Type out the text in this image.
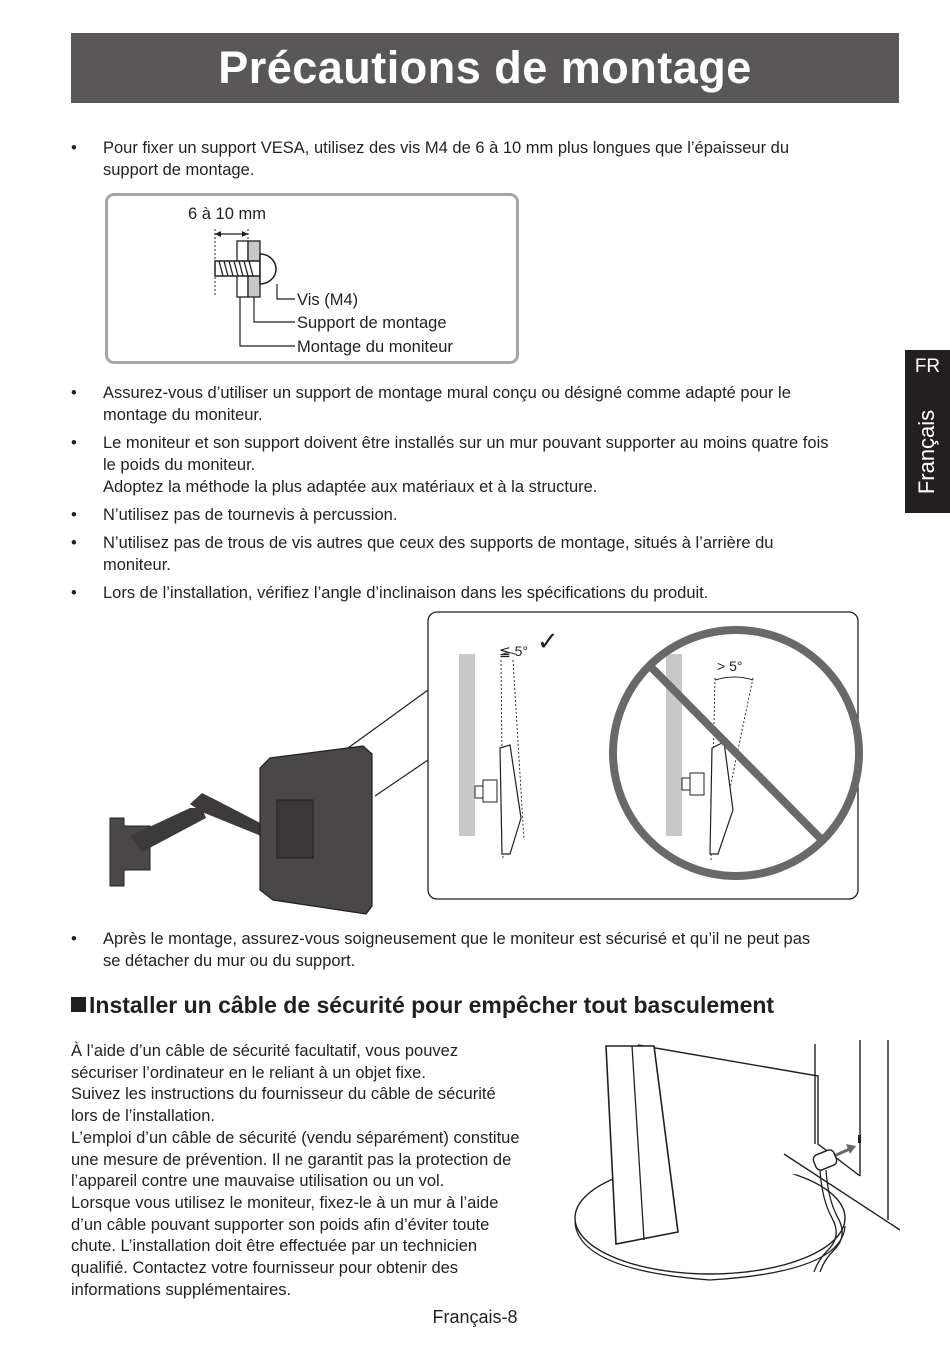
Précautions de montage
FR
Français
• Pour fixer un support VESA, utilisez des vis M4 de 6 à 10 mm plus longues que l’épaisseur du
support de montage.
6 à 10 mm
Vis (M4)
Support de montage
Montage du moniteur
• Assurez-vous d’utiliser un support de montage mural conçu ou désigné comme adapté pour le
montage du moniteur.
• Le moniteur et son support doivent être installés sur un mur pouvant supporter au moins quatre fois
le poids du moniteur.
Adoptez la méthode la plus adaptée aux matériaux et à la structure.
• N’utilisez pas de tournevis à percussion.
• N’utilisez pas de trous de vis autres que ceux des supports de montage, situés à l’arrière du
moniteur.
• Lors de l’installation, vérifiez l’angle d’inclinaison dans les spécifications du produit.
≦ 5° ✓
> 5°
• Après le montage, assurez-vous soigneusement que le moniteur est sécurisé et qu’il ne peut pas
se détacher du mur ou du support.
Installer un câble de sécurité pour empêcher tout basculement
À l’aide d’un câble de sécurité facultatif, vous pouvez
sécuriser l’ordinateur en le reliant à un objet fixe.
Suivez les instructions du fournisseur du câble de sécurité
lors de l’installation.
L’emploi d’un câble de sécurité (vendu séparément) constitue
une mesure de prévention. Il ne garantit pas la protection de
l’appareil contre une mauvaise utilisation ou un vol.
Lorsque vous utilisez le moniteur, fixez-le à un mur à l’aide
d’un câble pouvant supporter son poids afin d’éviter toute
chute. L’installation doit être effectuée par un technicien
qualifié. Contactez votre fournisseur pour obtenir des
informations supplémentaires.
Français-8
